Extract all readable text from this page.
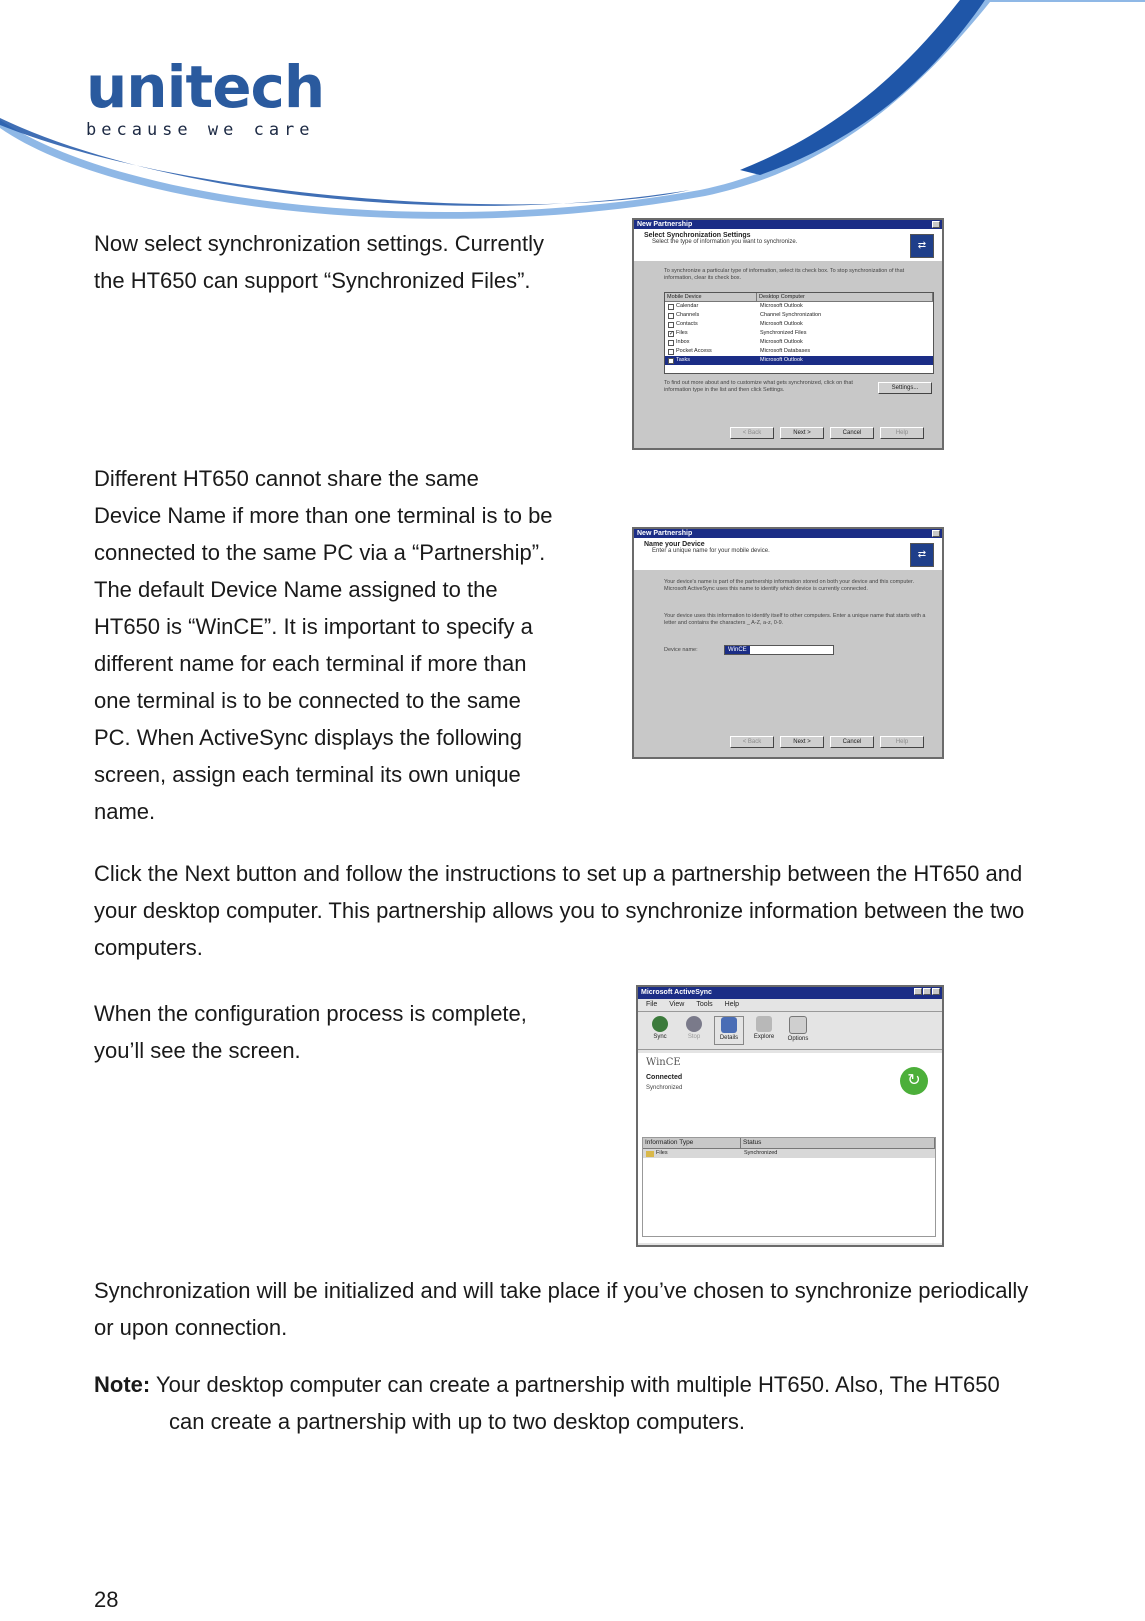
unitech
because we care
Now select synchronization settings. Currently
the HT650 can support “Synchronized Files”.
New Partnership
Select Synchronization Settings
Select the type of information you want to synchronize.	⇄
To synchronize a particular type of information, select its check box. To stop synchronization of that information, clear its check box.
Mobile Device	Desktop Computer
Calendar	Microsoft Outlook
Channels	Channel Synchronization
Contacts	Microsoft Outlook
✓ Files	Synchronized Files
Inbox	Microsoft Outlook
Pocket Access	Microsoft Databases
Tasks	Microsoft Outlook
To find out more about and to customize what gets synchronized, click on that information type in the list and then click Settings.	Settings...
< Back	Next >	Cancel	Help
Different HT650 cannot share the same
Device Name if more than one terminal is to be
connected to the same PC via a “Partnership”.
The default Device Name assigned to the
HT650 is “WinCE”. It is important to specify a
different name for each terminal if more than
one terminal is to be connected to the same
PC. When ActiveSync displays the following
screen, assign each terminal its own unique
name.
New Partnership
Name your Device
Enter a unique name for your mobile device.	⇄
Your device's name is part of the partnership information stored on both your device and this computer. Microsoft ActiveSync uses this name to identify which device is currently connected.
Your device uses this information to identify itself to other computers. Enter a unique name that starts with a letter and contains the characters _ A-Z, a-z, 0-9.
Device name:	WinCE
< Back	Next >	Cancel	Help
Click the Next button and follow the instructions to set up a partnership between the HT650 and
your desktop computer. This partnership allows you to synchronize information between the two
computers.
When the configuration process is complete,
you’ll see the screen.
Microsoft ActiveSync
File View Tools Help
Sync	Stop	Details	Explore	Options
WinCE
Connected
Synchronized	↻
Information Type	Status
Files	Synchronized
Synchronization will be initialized and will take place if you’ve chosen to synchronize periodically
or upon connection.
Note: Your desktop computer can create a partnership with multiple HT650. Also, The HT650
can create a partnership with up to two desktop computers.
28
